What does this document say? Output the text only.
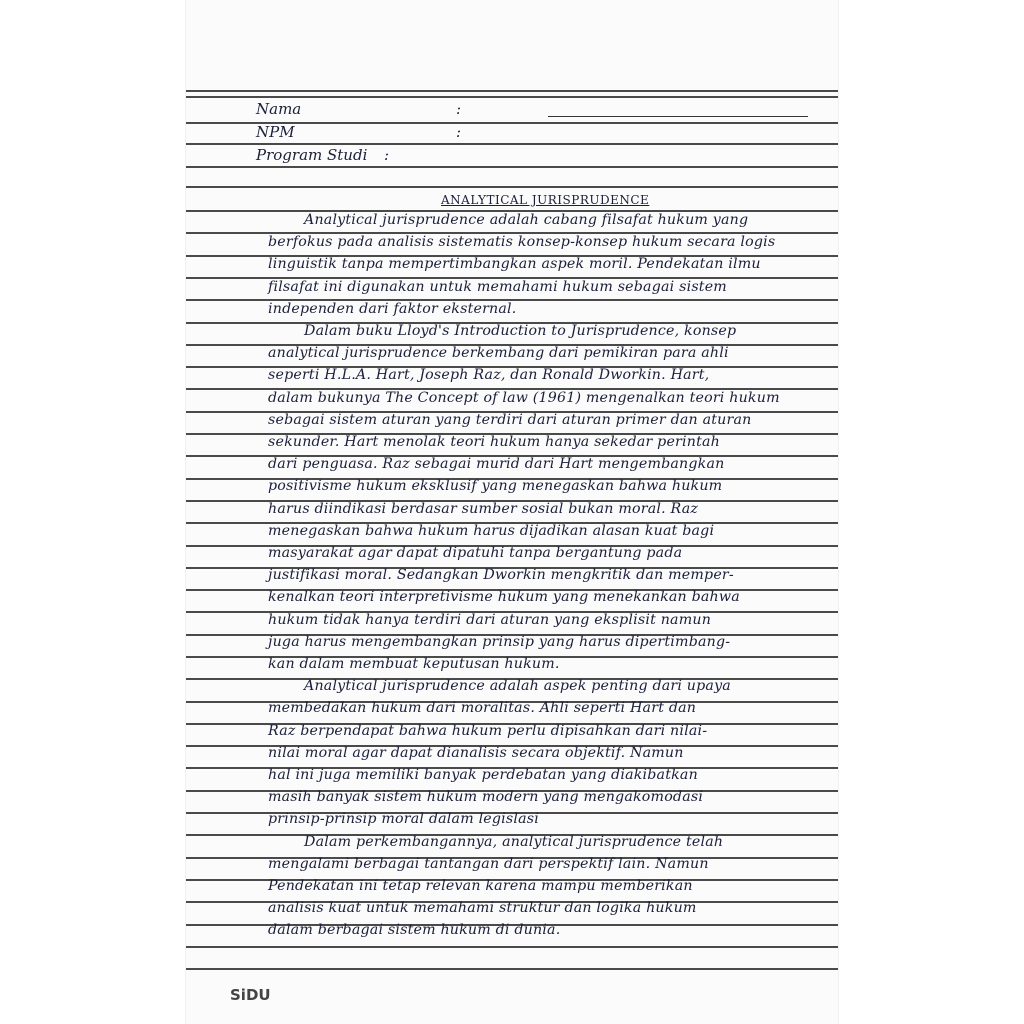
Nama	:
NPM	:
Program Studi :
ANALYTICAL JURISPRUDENCE
Analytical jurisprudence adalah cabang filsafat hukum yang
berfokus pada analisis sistematis konsep-konsep hukum secara logis
linguistik tanpa mempertimbangkan aspek moril. Pendekatan ilmu
filsafat ini digunakan untuk memahami hukum sebagai sistem
independen dari faktor eksternal.
Dalam buku Lloyd's Introduction to Jurisprudence, konsep
analytical jurisprudence berkembang dari pemikiran para ahli
seperti H.L.A. Hart, Joseph Raz, dan Ronald Dworkin. Hart,
dalam bukunya The Concept of law (1961) mengenalkan teori hukum
sebagai sistem aturan yang terdiri dari aturan primer dan aturan
sekunder. Hart menolak teori hukum hanya sekedar perintah
dari penguasa. Raz sebagai murid dari Hart mengembangkan
positivisme hukum eksklusif yang menegaskan bahwa hukum
harus diindikasi berdasar sumber sosial bukan moral. Raz
menegaskan bahwa hukum harus dijadikan alasan kuat bagi
masyarakat agar dapat dipatuhi tanpa bergantung pada
justifikasi moral. Sedangkan Dworkin mengkritik dan memper-
kenalkan teori interpretivisme hukum yang menekankan bahwa
hukum tidak hanya terdiri dari aturan yang eksplisit namun
juga harus mengembangkan prinsip yang harus dipertimbang-
kan dalam membuat keputusan hukum.
Analytical jurisprudence adalah aspek penting dari upaya
membedakan hukum dari moralitas. Ahli seperti Hart dan
Raz berpendapat bahwa hukum perlu dipisahkan dari nilai-
nilai moral agar dapat dianalisis secara objektif. Namun
hal ini juga memiliki banyak perdebatan yang diakibatkan
masih banyak sistem hukum modern yang mengakomodasi
prinsip-prinsip moral dalam legislasi
Dalam perkembangannya, analytical jurisprudence telah
mengalami berbagai tantangan dari perspektif lain. Namun
Pendekatan ini tetap relevan karena mampu memberikan
analisis kuat untuk memahami struktur dan logika hukum
dalam berbagai sistem hukum di dunia.
SiDU
